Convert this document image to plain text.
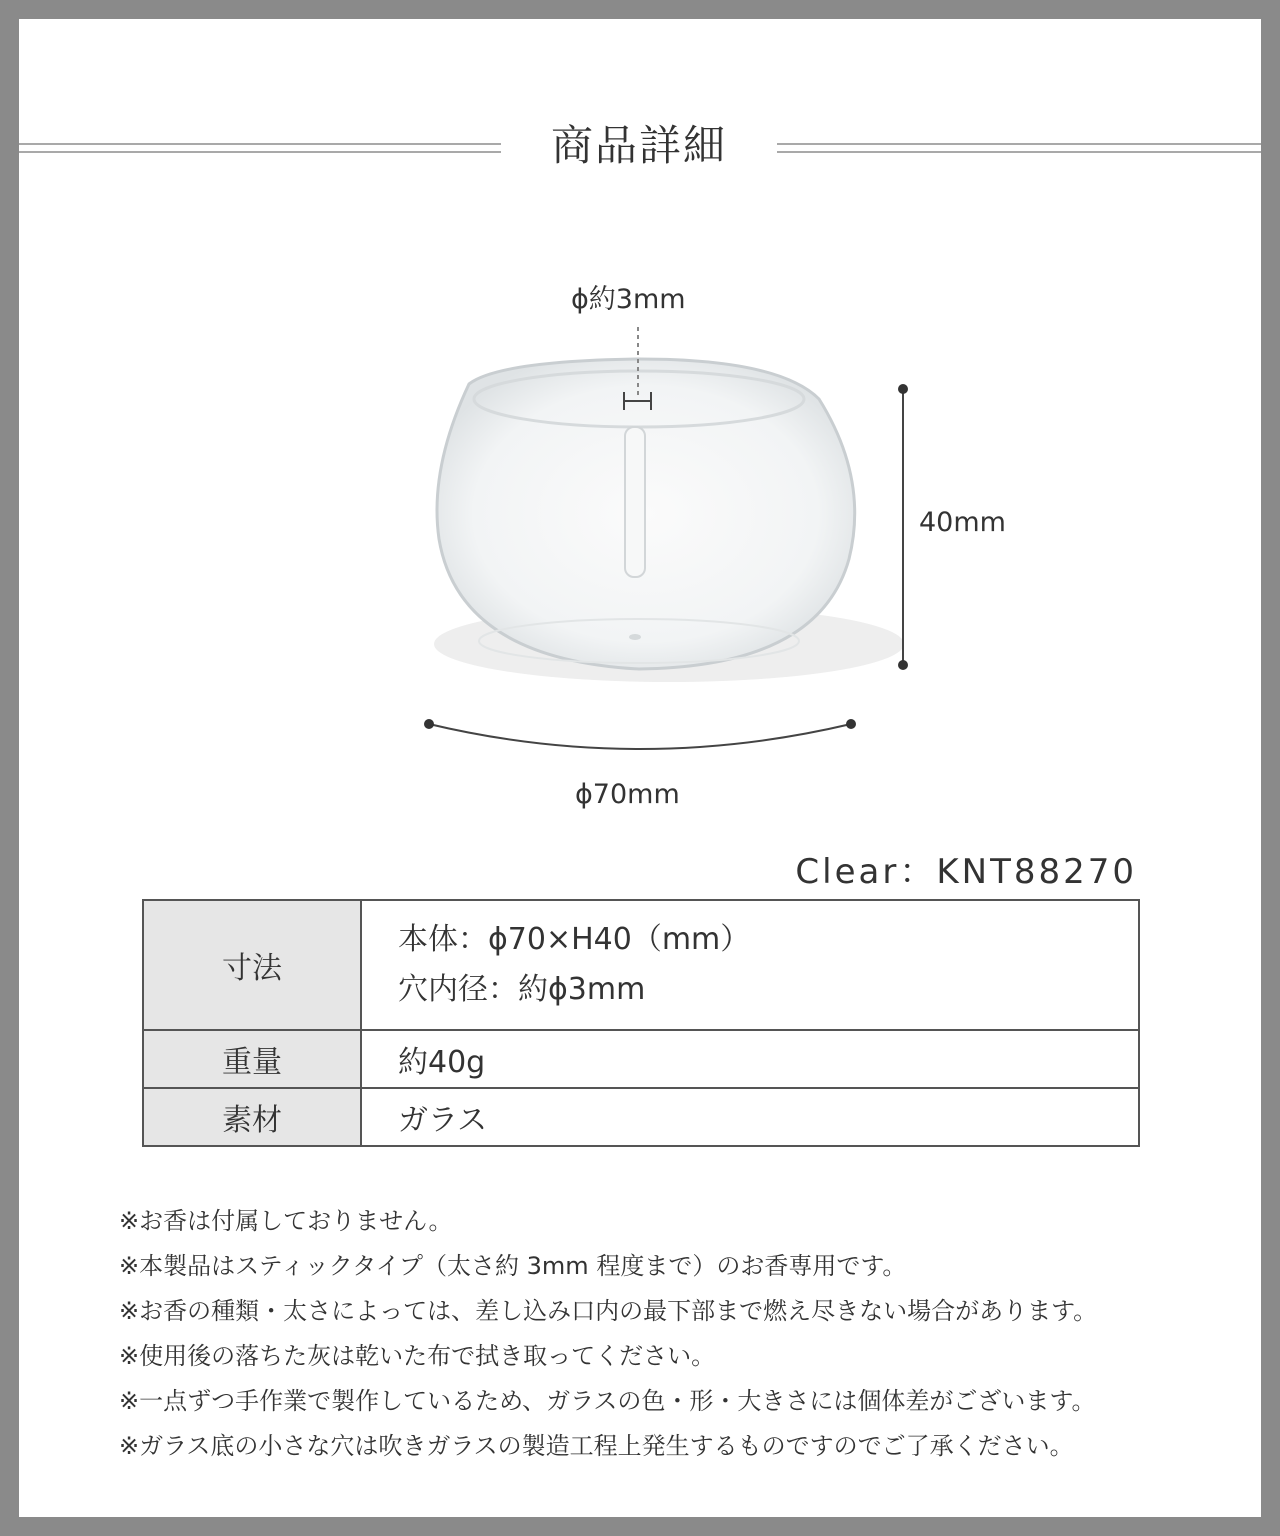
商品詳細
ϕ約3mm
40mm
ϕ70mm
Clear：KNT88270
寸法	本体：ϕ70×H40（mm）
穴内径：約ϕ3mm

重量	約40g
素材	ガラス
※お香は付属しておりません。
※本製品はスティックタイプ（太さ約 3mm 程度まで）のお香専用です。
※お香の種類・太さによっては、差し込み口内の最下部まで燃え尽きない場合があります。
※使用後の落ちた灰は乾いた布で拭き取ってください。
※一点ずつ手作業で製作しているため、ガラスの色・形・大きさには個体差がございます。
※ガラス底の小さな穴は吹きガラスの製造工程上発生するものですのでご了承ください。
